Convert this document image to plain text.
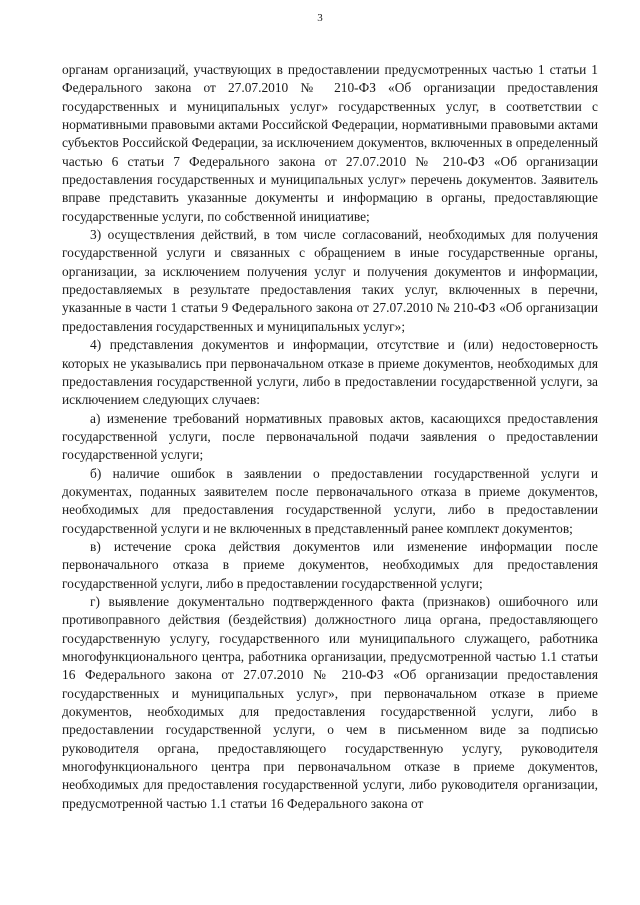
3

органам организаций, участвующих в предоставлении предусмотренных частью 1 статьи 1 Федерального закона от 27.07.2010 № 210-ФЗ «Об организации предоставления государственных и муниципальных услуг» государственных услуг, в соответствии с нормативными правовыми актами Российской Федерации, нормативными правовыми актами субъектов Российской Федерации, за исключением документов, включенных в определенный частью 6 статьи 7 Федерального закона от 27.07.2010 № 210-ФЗ «Об организации предоставления государственных и муниципальных услуг» перечень документов. Заявитель вправе представить указанные документы и информацию в органы, предоставляющие государственные услуги, по собственной инициативе;

3) осуществления действий, в том числе согласований, необходимых для получения государственной услуги и связанных с обращением в иные государственные органы, организации, за исключением получения услуг и получения документов и информации, предоставляемых в результате предоставления таких услуг, включенных в перечни, указанные в части 1 статьи 9 Федерального закона от 27.07.2010 № 210-ФЗ «Об организации предоставления государственных и муниципальных услуг»;

4) представления документов и информации, отсутствие и (или) недостоверность которых не указывались при первоначальном отказе в приеме документов, необходимых для предоставления государственной услуги, либо в предоставлении государственной услуги, за исключением следующих случаев:

а) изменение требований нормативных правовых актов, касающихся предоставления государственной услуги, после первоначальной подачи заявления о предоставлении государственной услуги;

б) наличие ошибок в заявлении о предоставлении государственной услуги и документах, поданных заявителем после первоначального отказа в приеме документов, необходимых для предоставления государственной услуги, либо в предоставлении государственной услуги и не включенных в представленный ранее комплект документов;

в) истечение срока действия документов или изменение информации после первоначального отказа в приеме документов, необходимых для предоставления государственной услуги, либо в предоставлении государственной услуги;

г) выявление документально подтвержденного факта (признаков) ошибочного или противоправного действия (бездействия) должностного лица органа, предоставляющего государственную услугу, государственного или муниципального служащего, работника многофункционального центра, работника организации, предусмотренной частью 1.1 статьи 16 Федерального закона от 27.07.2010 № 210-ФЗ «Об организации предоставления государственных и муниципальных услуг», при первоначальном отказе в приеме документов, необходимых для предоставления государственной услуги, либо в предоставлении государственной услуги, о чем в письменном виде за подписью руководителя органа, предоставляющего государственную услугу, руководителя многофункционального центра при первоначальном отказе в приеме документов, необходимых для предоставления государственной услуги, либо руководителя организации, предусмотренной частью 1.1 статьи 16 Федерального закона от
